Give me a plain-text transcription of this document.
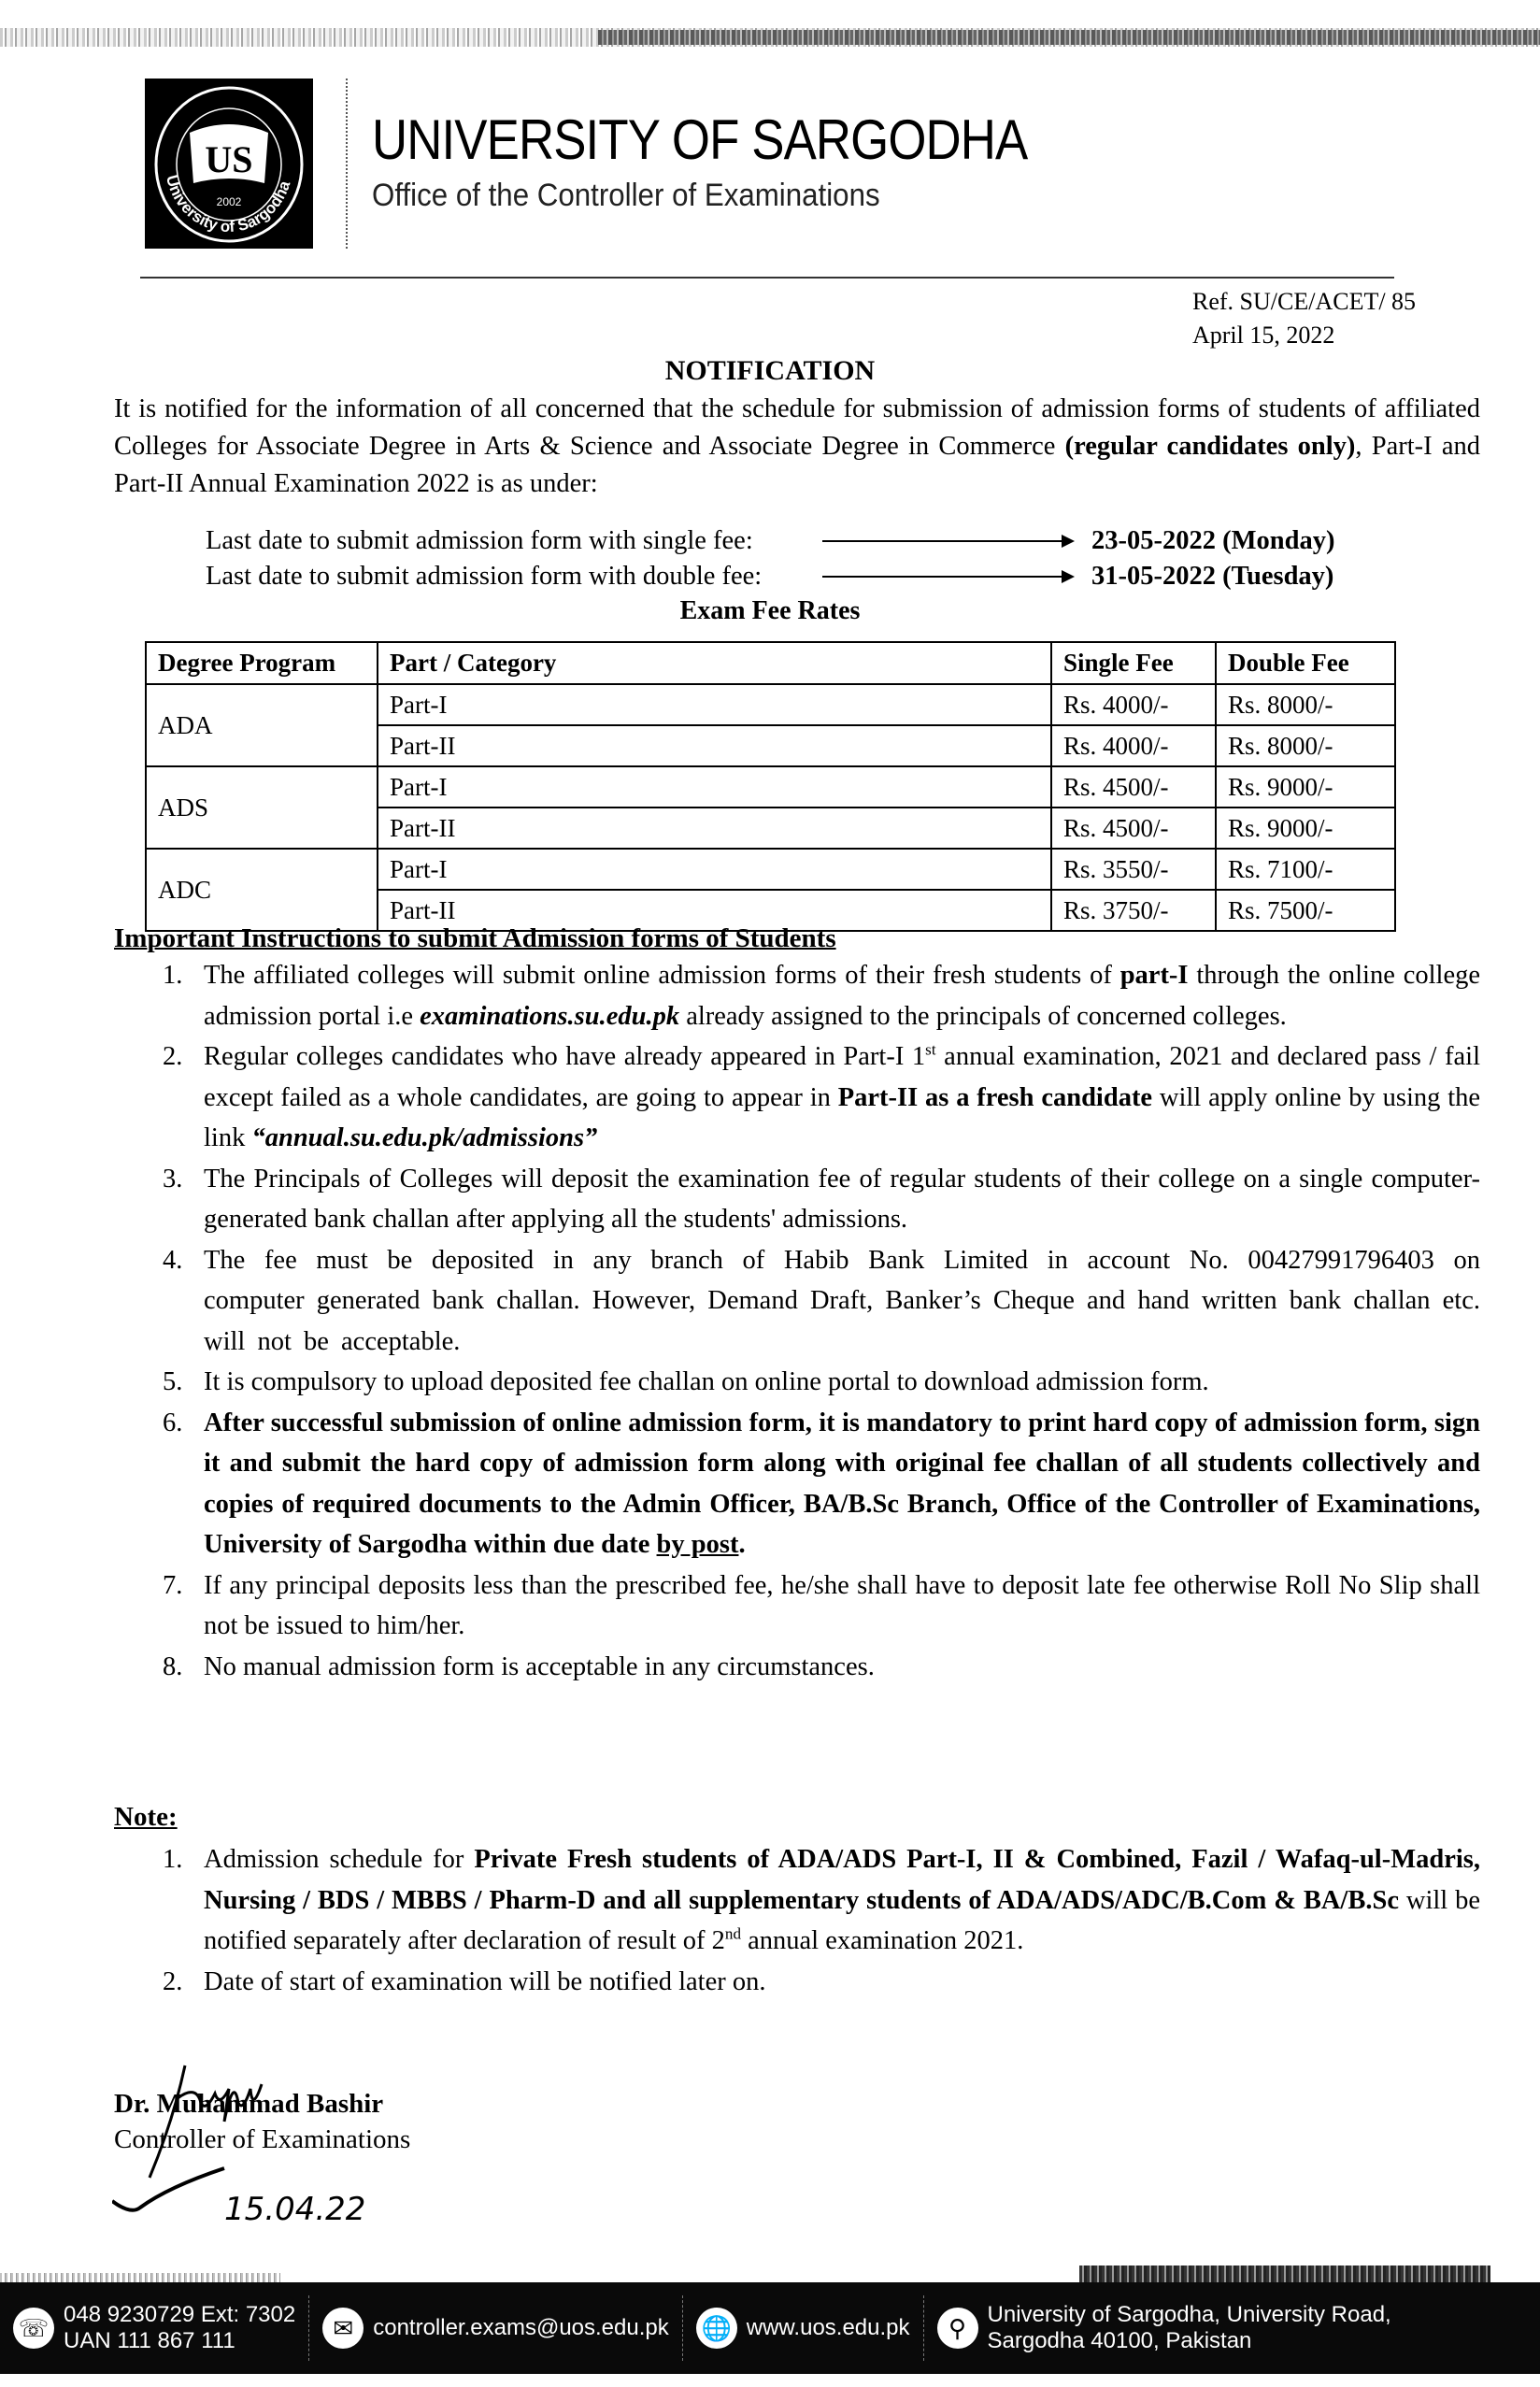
US
2002
University of Sargodha
UNIVERSITY OF SARGODHA
Office of the Controller of Examinations
Ref. SU/CE/ACET/ 85
April 15, 2022
NOTIFICATION
It is notified for the information of all concerned that the schedule for submission of admission forms of students of affiliated Colleges for Associate Degree in Arts & Science and Associate Degree in Commerce (regular candidates only), Part-I and Part-II Annual Examination 2022 is as under:
Last date to submit admission form with single fee:	23-05-2022 (Monday)
Last date to submit admission form with double fee:	31-05-2022 (Tuesday)
Exam Fee Rates
Degree Program	Part / Category	Single Fee	Double Fee
ADA	Part-I	Rs. 4000/-	Rs. 8000/-
	Part-II	Rs. 4000/-	Rs. 8000/-
ADS	Part-I	Rs. 4500/-	Rs. 9000/-
	Part-II	Rs. 4500/-	Rs. 9000/-
ADC	Part-I	Rs. 3550/-	Rs. 7100/-
	Part-II	Rs. 3750/-	Rs. 7500/-
Important Instructions to submit Admission forms of Students
1. The affiliated colleges will submit online admission forms of their fresh students of part-I through the online college admission portal i.e examinations.su.edu.pk already assigned to the principals of concerned colleges.
2. Regular colleges candidates who have already appeared in Part-I 1st annual examination, 2021 and declared pass / fail except failed as a whole candidates, are going to appear in Part-II as a fresh candidate will apply online by using the link “annual.su.edu.pk/admissions”
3. The Principals of Colleges will deposit the examination fee of regular students of their college on a single computer-generated bank challan after applying all the students' admissions.
4. The fee must be deposited in any branch of Habib Bank Limited in account No. 00427991796403 on computer generated bank challan. However, Demand Draft, Banker’s Cheque and hand written bank challan etc. will not be acceptable.
5. It is compulsory to upload deposited fee challan on online portal to download admission form.
6. After successful submission of online admission form, it is mandatory to print hard copy of admission form, sign it and submit the hard copy of admission form along with original fee challan of all students collectively and copies of required documents to the Admin Officer, BA/B.Sc Branch, Office of the Controller of Examinations, University of Sargodha within due date by post.
7. If any principal deposits less than the prescribed fee, he/she shall have to deposit late fee otherwise Roll No Slip shall not be issued to him/her.
8. No manual admission form is acceptable in any circumstances.
Note:
1. Admission schedule for Private Fresh students of ADA/ADS Part-I, II & Combined, Fazil / Wafaq-ul-Madris, Nursing / BDS / MBBS / Pharm-D and all supplementary students of ADA/ADS/ADC/B.Com & BA/B.Sc will be notified separately after declaration of result of 2nd annual examination 2021.
2. Date of start of examination will be notified later on.
Dr. Muhammad Bashir
Controller of Examinations
15.04.22
☏ 048 9230729 Ext: 7302
UAN 111 867 111	✉ controller.exams@uos.edu.pk 🌐 www.uos.edu.pk	⚲ University of Sargodha, University Road,
Sargodha 40100, Pakistan
